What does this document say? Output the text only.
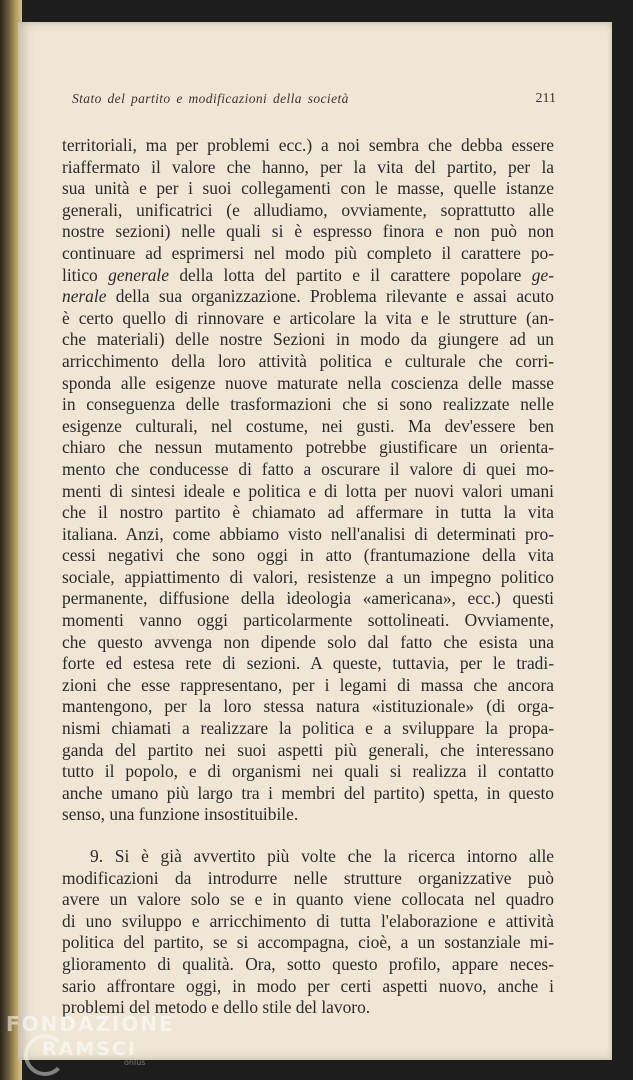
Stato del partito e modificazioni della società	211
territoriali, ma per problemi ecc.) a noi sembra che debba essere
riaffermato il valore che hanno, per la vita del partito, per la
sua unità e per i suoi collegamenti con le masse, quelle istanze
generali, unificatrici (e alludiamo, ovviamente, soprattutto alle
nostre sezioni) nelle quali si è espresso finora e non può non
continuare ad esprimersi nel modo più completo il carattere po-
litico generale della lotta del partito e il carattere popolare ge-
nerale della sua organizzazione. Problema rilevante e assai acuto
è certo quello di rinnovare e articolare la vita e le strutture (an-
che materiali) delle nostre Sezioni in modo da giungere ad un
arricchimento della loro attività politica e culturale che corri-
sponda alle esigenze nuove maturate nella coscienza delle masse
in conseguenza delle trasformazioni che si sono realizzate nelle
esigenze culturali, nel costume, nei gusti. Ma dev'essere ben
chiaro che nessun mutamento potrebbe giustificare un orienta-
mento che conducesse di fatto a oscurare il valore di quei mo-
menti di sintesi ideale e politica e di lotta per nuovi valori umani
che il nostro partito è chiamato ad affermare in tutta la vita
italiana. Anzi, come abbiamo visto nell'analisi di determinati pro-
cessi negativi che sono oggi in atto (frantumazione della vita
sociale, appiattimento di valori, resistenze a un impegno politico
permanente, diffusione della ideologia «americana», ecc.) questi
momenti vanno oggi particolarmente sottolineati. Ovviamente,
che questo avvenga non dipende solo dal fatto che esista una
forte ed estesa rete di sezioni. A queste, tuttavia, per le tradi-
zioni che esse rappresentano, per i legami di massa che ancora
mantengono, per la loro stessa natura «istituzionale» (di orga-
nismi chiamati a realizzare la politica e a sviluppare la propa-
ganda del partito nei suoi aspetti più generali, che interessano
tutto il popolo, e di organismi nei quali si realizza il contatto
anche umano più largo tra i membri del partito) spetta, in questo
senso, una funzione insostituibile.
9. Si è già avvertito più volte che la ricerca intorno alle
modificazioni da introdurre nelle strutture organizzative può
avere un valore solo se e in quanto viene collocata nel quadro
di uno sviluppo e arricchimento di tutta l'elaborazione e attività
politica del partito, se si accompagna, cioè, a un sostanziale mi-
glioramento di qualità. Ora, sotto questo profilo, appare neces-
sario affrontare oggi, in modo per certi aspetti nuovo, anche i
problemi del metodo e dello stile del lavoro.
FONDAZIONE
RAMSCI
onlus
